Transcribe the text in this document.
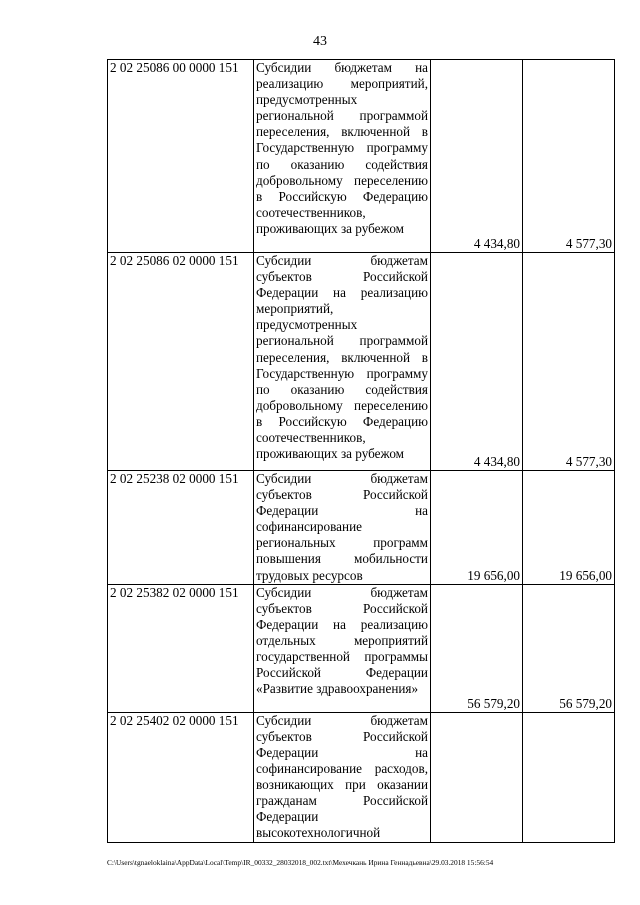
43
2 02 25086 00 0000 151	Субсидии бюджетам на реализацию мероприятий, предусмотренных региональной программой переселения, включенной в Государственную программу по оказанию содействия добровольному переселению в Российскую Федерацию соотечественников, проживающих за рубежом	4 434,80	4 577,30
2 02 25086 02 0000 151	Субсидии бюджетам субъектов Российской Федерации на реализацию мероприятий, предусмотренных региональной программой переселения, включенной в Государственную программу по оказанию содействия добровольному переселению в Российскую Федерацию соотечественников, проживающих за рубежом	4 434,80	4 577,30
2 02 25238 02 0000 151	Субсидии бюджетам субъектов Российской Федерации на софинансирование региональных программ повышения мобильности трудовых ресурсов	19 656,00	19 656,00
2 02 25382 02 0000 151	Субсидии бюджетам субъектов Российской Федерации на реализацию отдельных мероприятий государственной программы Российской Федерации «Развитие здравоохранения»	56 579,20	56 579,20
2 02 25402 02 0000 151	Субсидии бюджетам субъектов Российской Федерации на софинансирование расходов, возникающих при оказании гражданам Российской Федерации высокотехнологичной		
C:\Users\tgnaeloklaina\AppData\Local\Temp\IR_00332_28032018_002.txt\Мехечкань Ирина Геннадьевна\29.03.2018 15:56:54
